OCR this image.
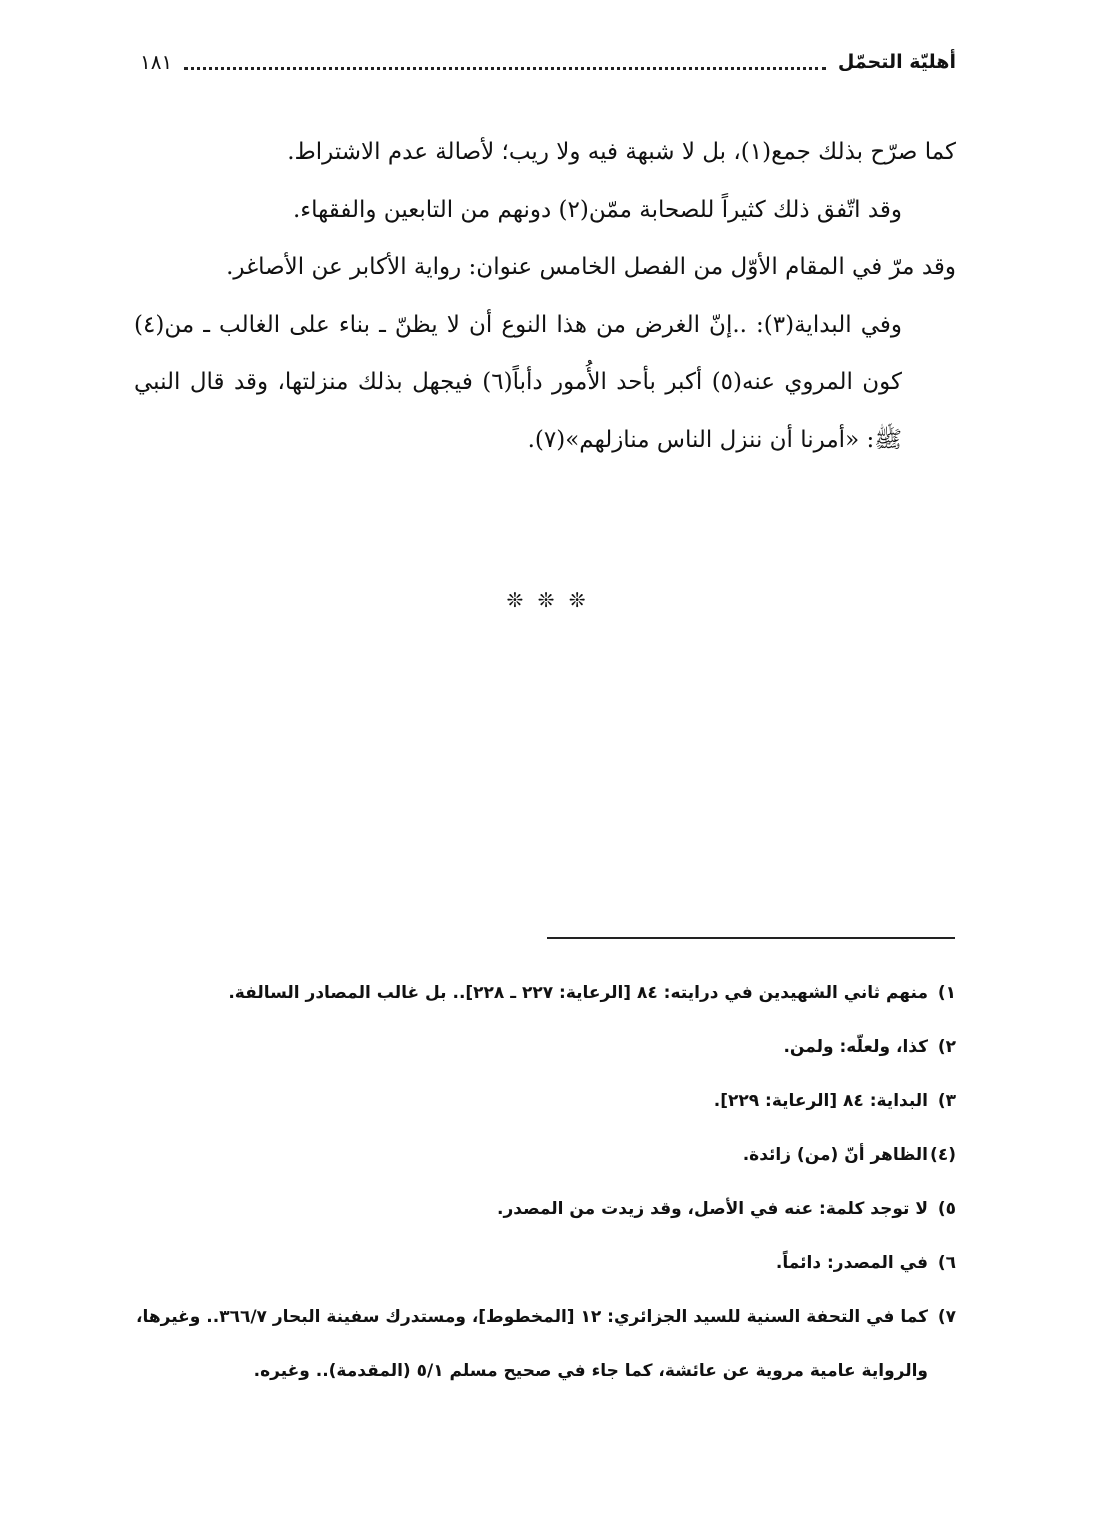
أهليّة التحمّل
١٨١

كما صرّح بذلك جمع(١)، بل لا شبهة فيه ولا ريب؛ لأصالة عدم الاشتراط.

وقد اتّفق ذلك كثيراً للصحابة ممّن(٢) دونهم من التابعين والفقهاء.

وقد مرّ في المقام الأوّل من الفصل الخامس عنوان: رواية الأكابر عن الأصاغر.

وفي البداية(٣): ..إنّ الغرض من هذا النوع أن لا يظنّ ـ بناء على الغالب ـ من(٤) كون المروي عنه(٥) أكبر بأحد الأُمور دأباً(٦) فيجهل بذلك منزلتها، وقد قال النبي ﷺ: «أمرنا أن ننزل الناس منازلهم»(٧).

❊ ❊ ❊
١)
منهم ثاني الشهيدين في درايته: ٨٤ [الرعاية: ٢٢٧ ـ ٢٢٨].. بل غالب المصادر السالفة.
٢)
كذا، ولعلّه: ولمن.
٣)
البداية: ٨٤ [الرعاية: ٢٢٩].
(٤)
الظاهر أنّ (من) زائدة.
٥)
لا توجد كلمة: عنه في الأصل، وقد زيدت من المصدر.
٦)
في المصدر: دائماً.
٧)
كما في التحفة السنية للسيد الجزائري: ١٢ [المخطوط]، ومستدرك سفينة البحار ٣٦٦/٧.. وغيرها، والرواية عامية مروية عن عائشة، كما جاء في صحيح مسلم ٥/١ (المقدمة).. وغيره.
